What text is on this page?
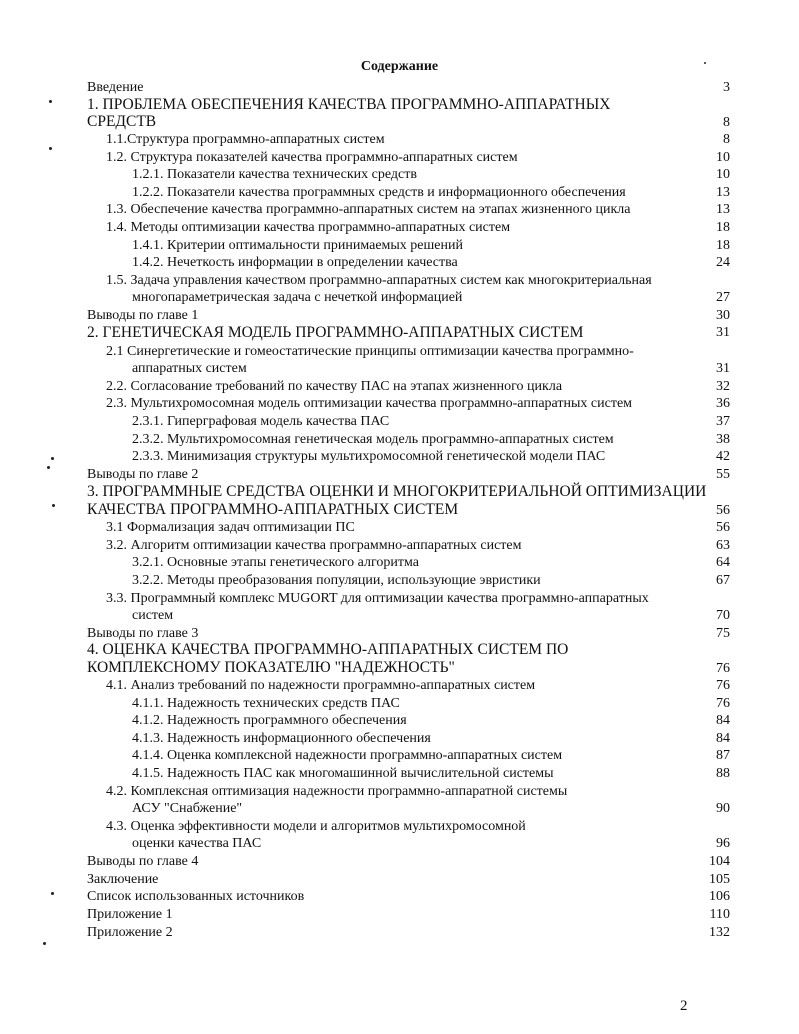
Содержание
Введение	3
1. ПРОБЛЕМА ОБЕСПЕЧЕНИЯ КАЧЕСТВА ПРОГРАММНО-АППАРАТНЫХ
СРЕДСТВ	8
1.1.Структура программно-аппаратных систем	8
1.2. Структура показателей качества программно-аппаратных систем	10
1.2.1. Показатели качества технических средств	10
1.2.2. Показатели качества программных средств и информационного обеспечения	13
1.3. Обеспечение качества программно-аппаратных систем на этапах жизненного цикла	13
1.4. Методы оптимизации качества программно-аппаратных систем	18
1.4.1. Критерии оптимальности принимаемых решений	18
1.4.2. Нечеткость информации в определении качества	24
1.5. Задача управления качеством программно-аппаратных систем как многокритериальная
многопараметрическая задача с нечеткой информацией	27
Выводы по главе 1	30
2. ГЕНЕТИЧЕСКАЯ МОДЕЛЬ ПРОГРАММНО-АППАРАТНЫХ СИСТЕМ	31
2.1 Синергетические и гомеостатические принципы оптимизации качества программно-
аппаратных систем	31
2.2. Согласование требований по качеству ПАС на этапах жизненного цикла	32
2.3. Мультихромосомная модель оптимизации качества программно-аппаратных систем	36
2.3.1. Гиперграфовая модель качества ПАС	37
2.3.2. Мультихромосомная генетическая модель программно-аппаратных систем	38
2.3.3. Минимизация структуры мультихромосомной генетической модели ПАС	42
Выводы по главе 2	55
3. ПРОГРАММНЫЕ СРЕДСТВА ОЦЕНКИ И МНОГОКРИТЕРИАЛЬНОЙ ОПТИМИЗАЦИИ
КАЧЕСТВА ПРОГРАММНО-АППАРАТНЫХ СИСТЕМ	56
3.1 Формализация задач оптимизации ПС	56
3.2. Алгоритм оптимизации качества программно-аппаратных систем	63
3.2.1. Основные этапы генетического алгоритма	64
3.2.2. Методы преобразования популяции, использующие эвристики	67
3.3. Программный комплекс MUGORT для оптимизации качества программно-аппаратных
систем	70
Выводы по главе 3	75
4. ОЦЕНКА КАЧЕСТВА ПРОГРАММНО-АППАРАТНЫХ СИСТЕМ ПО
КОМПЛЕКСНОМУ ПОКАЗАТЕЛЮ "НАДЕЖНОСТЬ"	76
4.1. Анализ требований по надежности программно-аппаратных систем	76
4.1.1. Надежность технических средств ПАС	76
4.1.2. Надежность программного обеспечения	84
4.1.3. Надежность информационного обеспечения	84
4.1.4. Оценка комплексной надежности программно-аппаратных систем	87
4.1.5. Надежность ПАС как многомашинной вычислительной системы	88
4.2. Комплексная оптимизация надежности программно-аппаратной системы
АСУ "Снабжение"	90
4.3. Оценка эффективности модели и алгоритмов мультихромосомной
оценки качества ПАС	96
Выводы по главе 4	104
Заключение	105
Список использованных источников	106
Приложение 1	110
Приложение 2	132
2
